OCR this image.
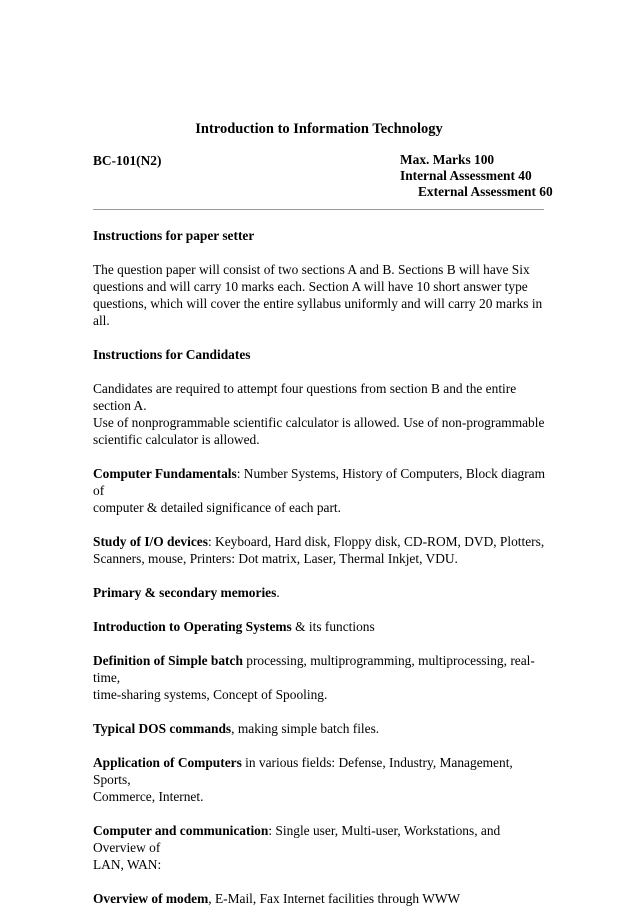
Introduction to Information Technology
BC-101(N2)	Max. Marks 100
Internal Assessment 40
External Assessment 60

Instructions for paper setter

The question paper will consist of two sections A and B. Sections B will have Six
questions and will carry 10 marks each. Section A will have 10 short answer type
questions, which will cover the entire syllabus uniformly and will carry 20 marks in all.

Instructions for Candidates

Candidates are required to attempt four questions from section B and the entire section A.
Use of nonprogrammable scientific calculator is allowed. Use of non-programmable
scientific calculator is allowed.

Computer Fundamentals: Number Systems, History of Computers, Block diagram of
computer & detailed significance of each part.

Study of I/O devices: Keyboard, Hard disk, Floppy disk, CD-ROM, DVD, Plotters,
Scanners, mouse, Printers: Dot matrix, Laser, Thermal Inkjet, VDU.

Primary & secondary memories.

Introduction to Operating Systems & its functions

Definition of Simple batch processing, multiprogramming, multiprocessing, real-time,
time-sharing systems, Concept of Spooling.

Typical DOS commands, making simple batch files.

Application of Computers in various fields: Defense, Industry, Management, Sports,
Commerce, Internet.

Computer and communication: Single user, Multi-user, Workstations, and Overview of
LAN, WAN:

Overview of modem, E-Mail, Fax Internet facilities through WWW
